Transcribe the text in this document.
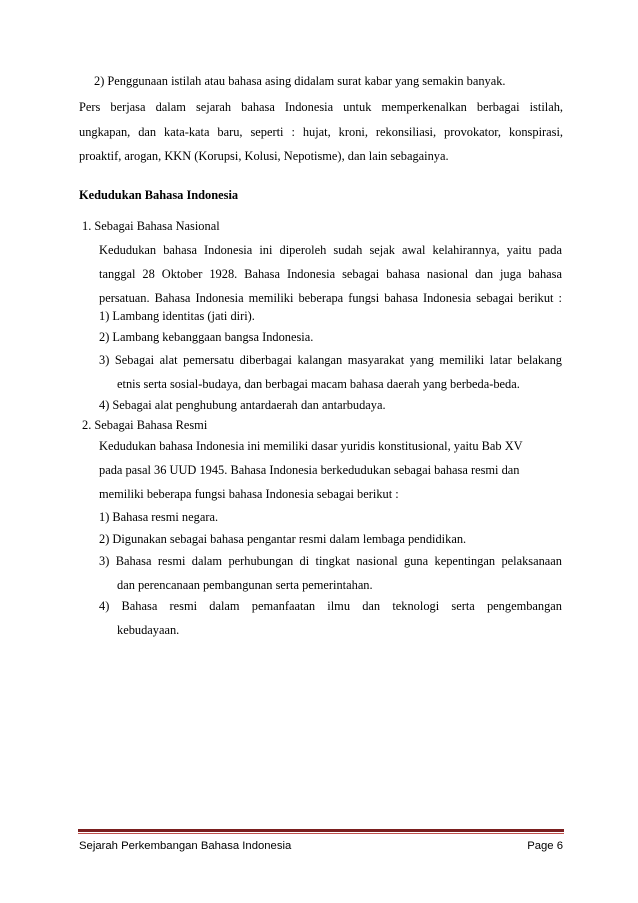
2) Penggunaan istilah atau bahasa asing didalam surat kabar yang semakin banyak.
Pers berjasa dalam sejarah bahasa Indonesia untuk memperkenalkan berbagai istilah,
ungkapan, dan kata-kata baru, seperti : hujat, kroni, rekonsiliasi, provokator, konspirasi,
proaktif, arogan, KKN (Korupsi, Kolusi, Nepotisme), dan lain sebagainya.
Kedudukan Bahasa Indonesia
1. Sebagai Bahasa Nasional
Kedudukan bahasa Indonesia ini diperoleh sudah sejak awal kelahirannya, yaitu pada
tanggal 28 Oktober 1928. Bahasa Indonesia sebagai bahasa nasional dan juga bahasa
persatuan. Bahasa Indonesia memiliki beberapa fungsi bahasa Indonesia sebagai berikut :
1) Lambang identitas (jati diri).
2) Lambang kebanggaan bangsa Indonesia.
3) Sebagai alat pemersatu diberbagai kalangan masyarakat yang memiliki latar belakang
etnis serta sosial-budaya, dan berbagai macam bahasa daerah yang berbeda-beda.
4) Sebagai alat penghubung antardaerah dan antarbudaya.
2. Sebagai Bahasa Resmi
Kedudukan bahasa Indonesia ini memiliki dasar yuridis konstitusional, yaitu Bab XV
pada pasal 36 UUD 1945. Bahasa Indonesia berkedudukan sebagai bahasa resmi dan
memiliki beberapa fungsi bahasa Indonesia sebagai berikut :
1) Bahasa resmi negara.
2) Digunakan sebagai bahasa pengantar resmi dalam lembaga pendidikan.
3) Bahasa resmi dalam perhubungan di tingkat nasional guna kepentingan pelaksanaan
dan perencanaan pembangunan serta pemerintahan.
4) Bahasa resmi dalam pemanfaatan ilmu dan teknologi serta pengembangan
kebudayaan.
Sejarah Perkembangan Bahasa Indonesia	Page 6
